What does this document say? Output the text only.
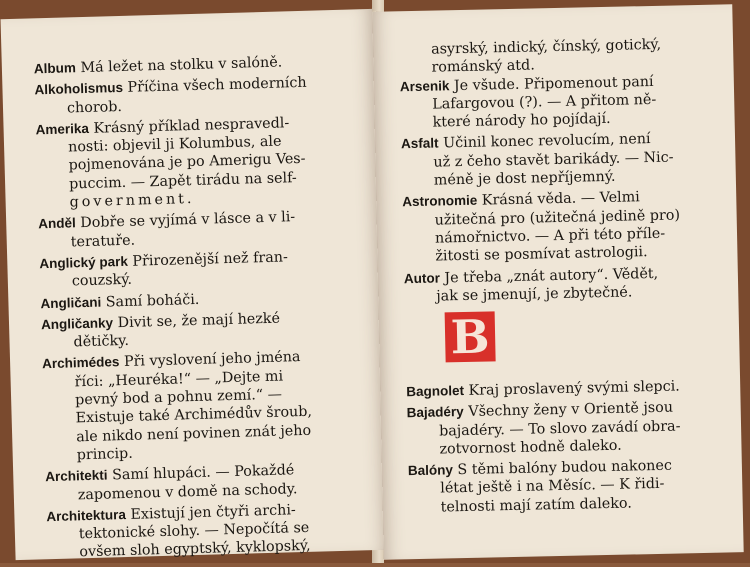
Album Má ležet na stolku v salóně.
Alkoholismus Příčina všech moderních
chorob.
Amerika Krásný příklad nespravedl-
nosti: objevil ji Kolumbus, ale
pojmenována je po Amerigu Ves-
puccim. — Zapět tirádu na self-
government.
Anděl Dobře se vyjímá v lásce a v li-
teratuře.
Anglický park Přirozenější než fran-
couzský.
Angličani Samí boháči.
Angličanky Divit se, že mají hezké
dětičky.
Archimédes Při vyslovení jeho jména
říci: „Heuréka!“ — „Dejte mi
pevný bod a pohnu zemí.“ —
Existuje také Archimédův šroub,
ale nikdo není povinen znát jeho
princip.
Architekti Samí hlupáci. — Pokaždé
zapomenou v domě na schody.
Architektura Existují jen čtyři archi-
tektonické slohy. — Nepočítá se
ovšem sloh egyptský, kyklopský,
asyrský, indický, čínský, gotický,
románský atd.
Arsenik Je všude. Připomenout paní
Lafargovou (?). — A přitom ně-
které národy ho pojídají.
Asfalt Učinil konec revolucím, není
už z čeho stavět barikády. — Nic-
méně je dost nepříjemný.
Astronomie Krásná věda. — Velmi
užitečná pro (užitečná jedině pro)
námořnictvo. — A při této příle-
žitosti se posmívat astrologii.
Autor Je třeba „znát autory“. Vědět,
jak se jmenují, je zbytečné.
B
Bagnolet Kraj proslavený svými slepci.
Bajadéry Všechny ženy v Orientě jsou
bajadéry. — To slovo zavádí obra-
zotvornost hodně daleko.
Balóny S těmi balóny budou nakonec
létat ještě i na Měsíc. — K řidi-
telnosti mají zatím daleko.
